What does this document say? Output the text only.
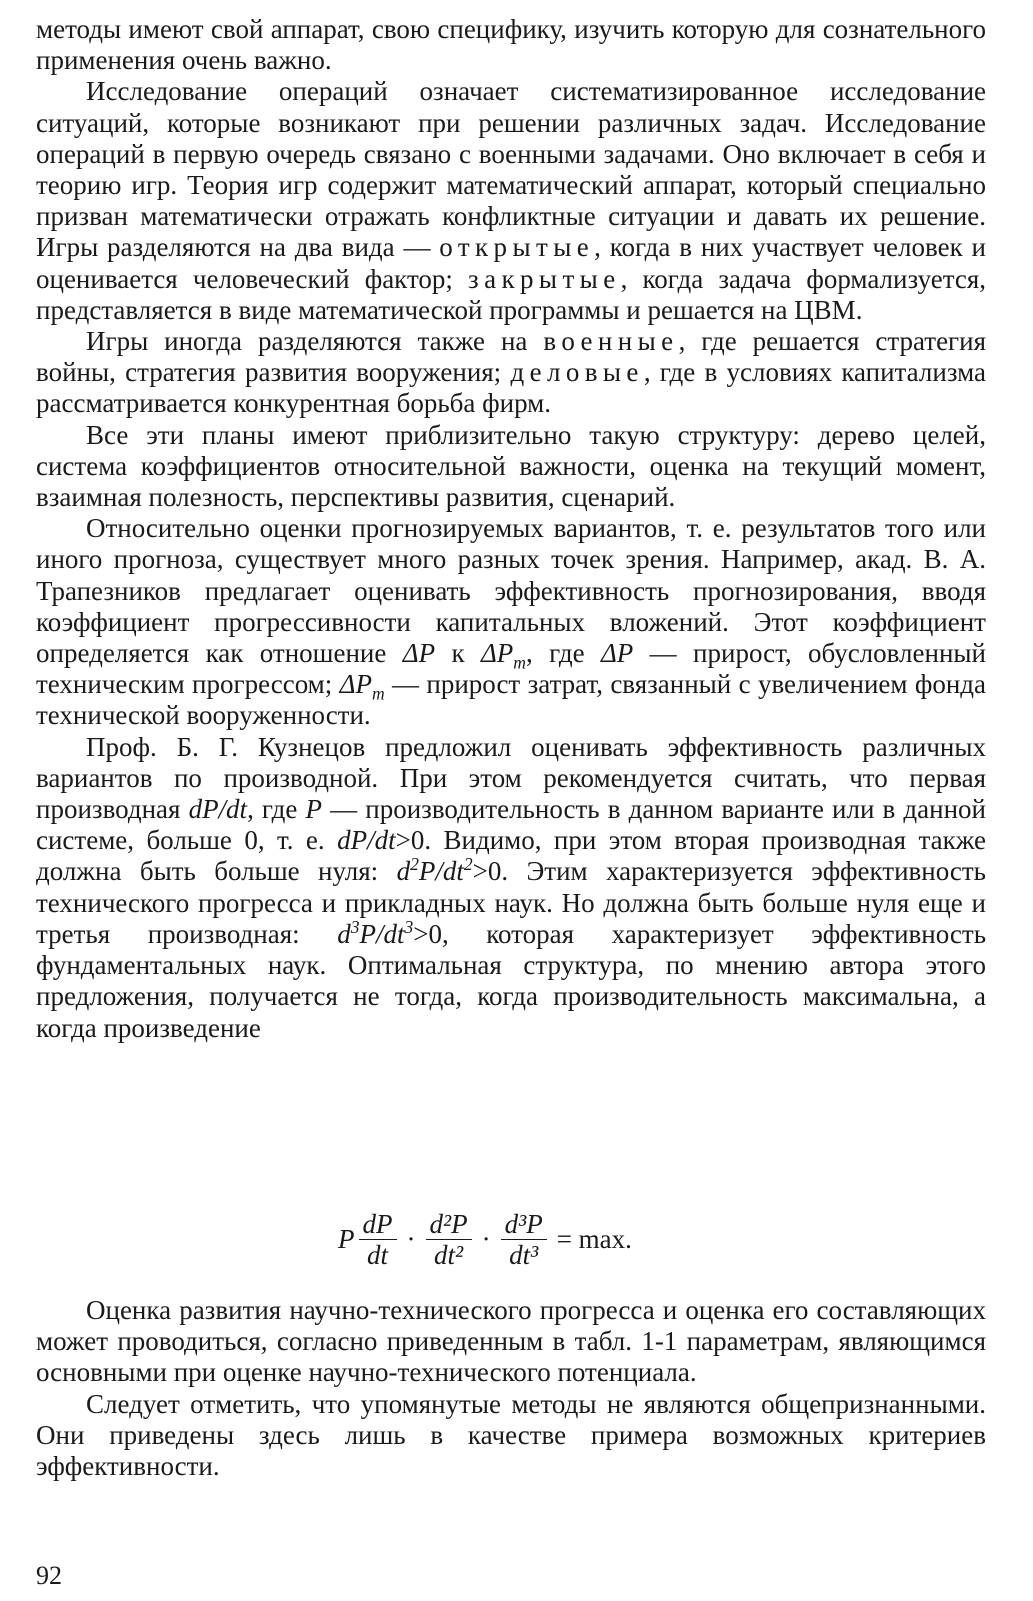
методы имеют свой аппарат, свою специфику, изучить которую для сознательного применения очень важно.

Исследование операций означает систематизированное исследование ситуаций, которые возникают при решении различных задач. Исследование операций в первую очередь связано с военными задачами. Оно включает в себя и теорию игр. Теория игр содержит математический аппарат, который специально призван математически отражать конфликтные ситуации и давать их решение. Игры разделяются на два вида — открытые, когда в них участвует человек и оценивается человеческий фактор; закрытые, когда задача формализуется, представляется в виде математической программы и решается на ЦВМ.

Игры иногда разделяются также на военные, где решается стратегия войны, стратегия развития вооружения; деловые, где в условиях капитализма рассматривается конкурентная борьба фирм.

Все эти планы имеют приблизительно такую структуру: дерево целей, система коэффициентов относительной важности, оценка на текущий момент, взаимная полезность, перспективы развития, сценарий.

Относительно оценки прогнозируемых вариантов, т. е. результатов того или иного прогноза, существует много разных точек зрения. Например, акад. В. А. Трапезников предлагает оценивать эффективность прогнозирования, вводя коэффициент прогрессивности капитальных вложений. Этот коэффициент определяется как отношение ΔP к $\Delta P_m$, где ΔP — прирост, обусловленный техническим прогрессом; $\Delta P_m$ — прирост затрат, связанный с увеличением фонда технической вооруженности.

Проф. Б. Г. Кузнецов предложил оценивать эффективность различных вариантов по производной. При этом рекомендуется считать, что первая производная dP/dt, где P — производительность в данном варианте или в данной системе, больше 0, т. е. dP/dt>0. Видимо, при этом вторая производная также должна быть больше нуля: $d^2P/dt^2>0$. Этим характеризуется эффективность технического прогресса и прикладных наук. Но должна быть больше нуля еще и третья производная: $d^3P/dt^3>0$, которая характеризует эффективность фундаментальных наук. Оптимальная структура, по мнению автора этого предложения, получается не тогда, когда производительность максимальна, а когда произведение

P $\frac{dP}{dt} \cdot \frac{\text{d²P}}{\text{dt²}} \cdot \frac{\text{d³P}}{\text{dt³}} = \max$.

Оценка развития научно-технического прогресса и оценка его составляющих может проводиться, согласно приведенным в табл. 1-1 параметрам, являющимся основными при оценке научно-технического потенциала.

Следует отметить, что упомянутые методы не являются общепризнанными. Они приведены здесь лишь в качестве примера возможных критериев эффективности.

92
